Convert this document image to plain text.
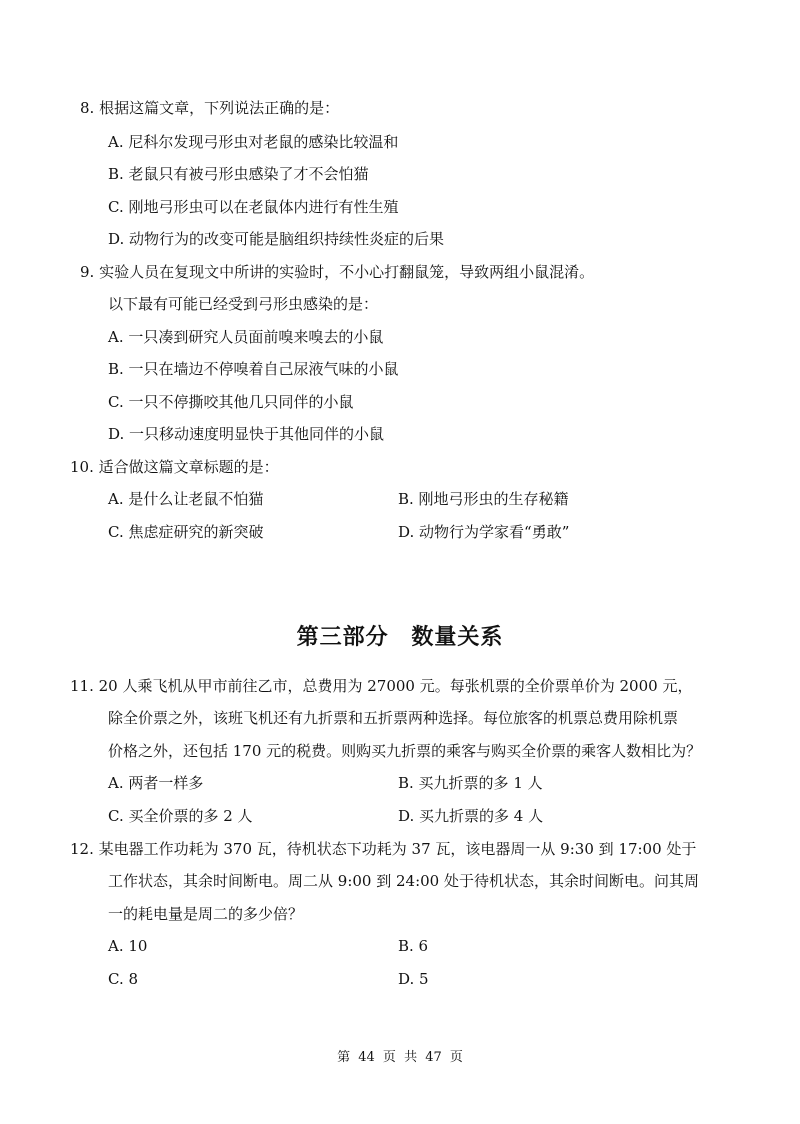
8. 根据这篇文章，下列说法正确的是：
A. 尼科尔发现弓形虫对老鼠的感染比较温和
B. 老鼠只有被弓形虫感染了才不会怕猫
C. 刚地弓形虫可以在老鼠体内进行有性生殖
D. 动物行为的改变可能是脑组织持续性炎症的后果
9. 实验人员在复现文中所讲的实验时，不小心打翻鼠笼，导致两组小鼠混淆。
以下最有可能已经受到弓形虫感染的是：
A. 一只凑到研究人员面前嗅来嗅去的小鼠
B. 一只在墙边不停嗅着自己尿液气味的小鼠
C. 一只不停撕咬其他几只同伴的小鼠
D. 一只移动速度明显快于其他同伴的小鼠
10. 适合做这篇文章标题的是：
A. 是什么让老鼠不怕猫	B. 刚地弓形虫的生存秘籍
C. 焦虑症研究的新突破	D. 动物行为学家看“勇敢”
第三部分 数量关系
11. 20 人乘飞机从甲市前往乙市，总费用为 27000 元。每张机票的全价票单价为 2000 元，
除全价票之外，该班飞机还有九折票和五折票两种选择。每位旅客的机票总费用除机票
价格之外，还包括 170 元的税费。则购买九折票的乘客与购买全价票的乘客人数相比为？
A. 两者一样多	B. 买九折票的多 1 人
C. 买全价票的多 2 人	D. 买九折票的多 4 人
12. 某电器工作功耗为 370 瓦，待机状态下功耗为 37 瓦，该电器周一从 9:30 到 17:00 处于
工作状态，其余时间断电。周二从 9:00 到 24:00 处于待机状态，其余时间断电。问其周
一的耗电量是周二的多少倍？
A. 10	B. 6
C. 8	D. 5
第 44 页 共 47 页
